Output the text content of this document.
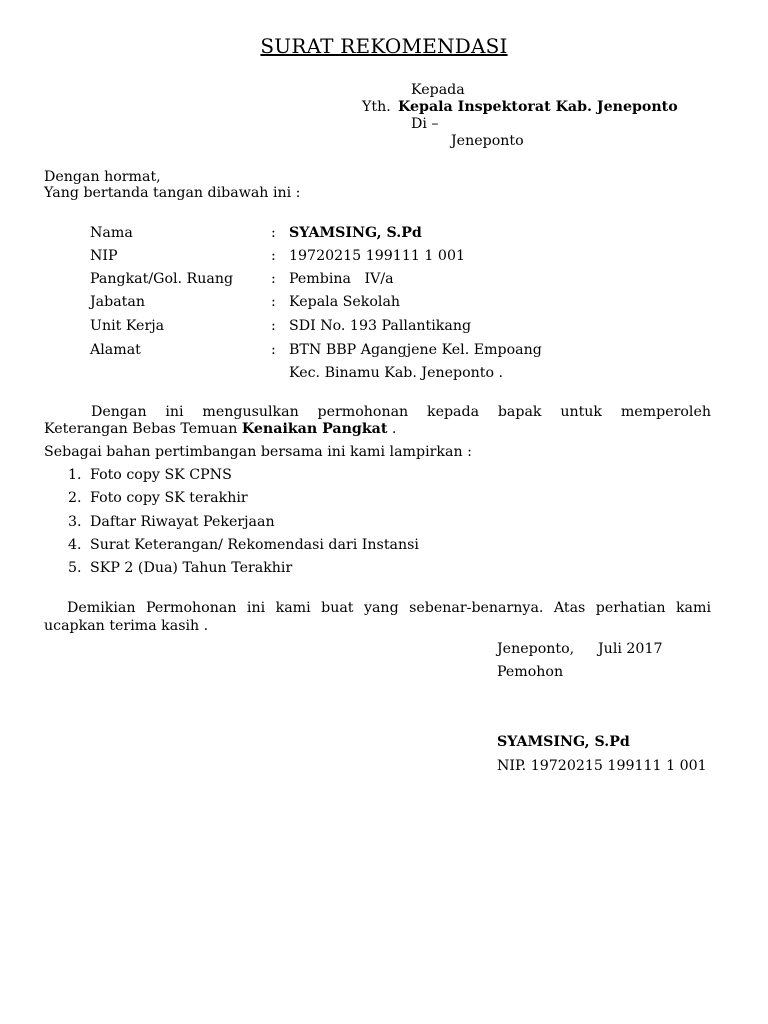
SURAT REKOMENDASI
Kepada
Yth. Kepala Inspektorat Kab. Jeneponto
Di –
Jeneponto
Dengan hormat,
Yang bertanda tangan dibawah ini :
Nama	: SYAMSING, S.Pd
NIP	: 19720215 199111 1 001
Pangkat/Gol. Ruang	: Pembina   IV/a
Jabatan	: Kepala Sekolah
Unit Kerja	: SDI No. 193 Pallantikang
Alamat	: BTN BBP Agangjene Kel. Empoang
Kec. Binamu Kab. Jeneponto .
Dengan ini mengusulkan permohonan kepada bapak untuk memperoleh
Keterangan Bebas Temuan Kenaikan Pangkat .
Sebagai bahan pertimbangan bersama ini kami lampirkan :
1. Foto copy SK CPNS
2. Foto copy SK terakhir
3. Daftar Riwayat Pekerjaan
4. Surat Keterangan/ Rekomendasi dari Instansi
5. SKP 2 (Dua) Tahun Terakhir
Demikian Permohonan ini kami buat yang sebenar-benarnya. Atas perhatian kami
ucapkan terima kasih .
Jeneponto, Juli 2017
Pemohon
SYAMSING, S.Pd
NIP. 19720215 199111 1 001
